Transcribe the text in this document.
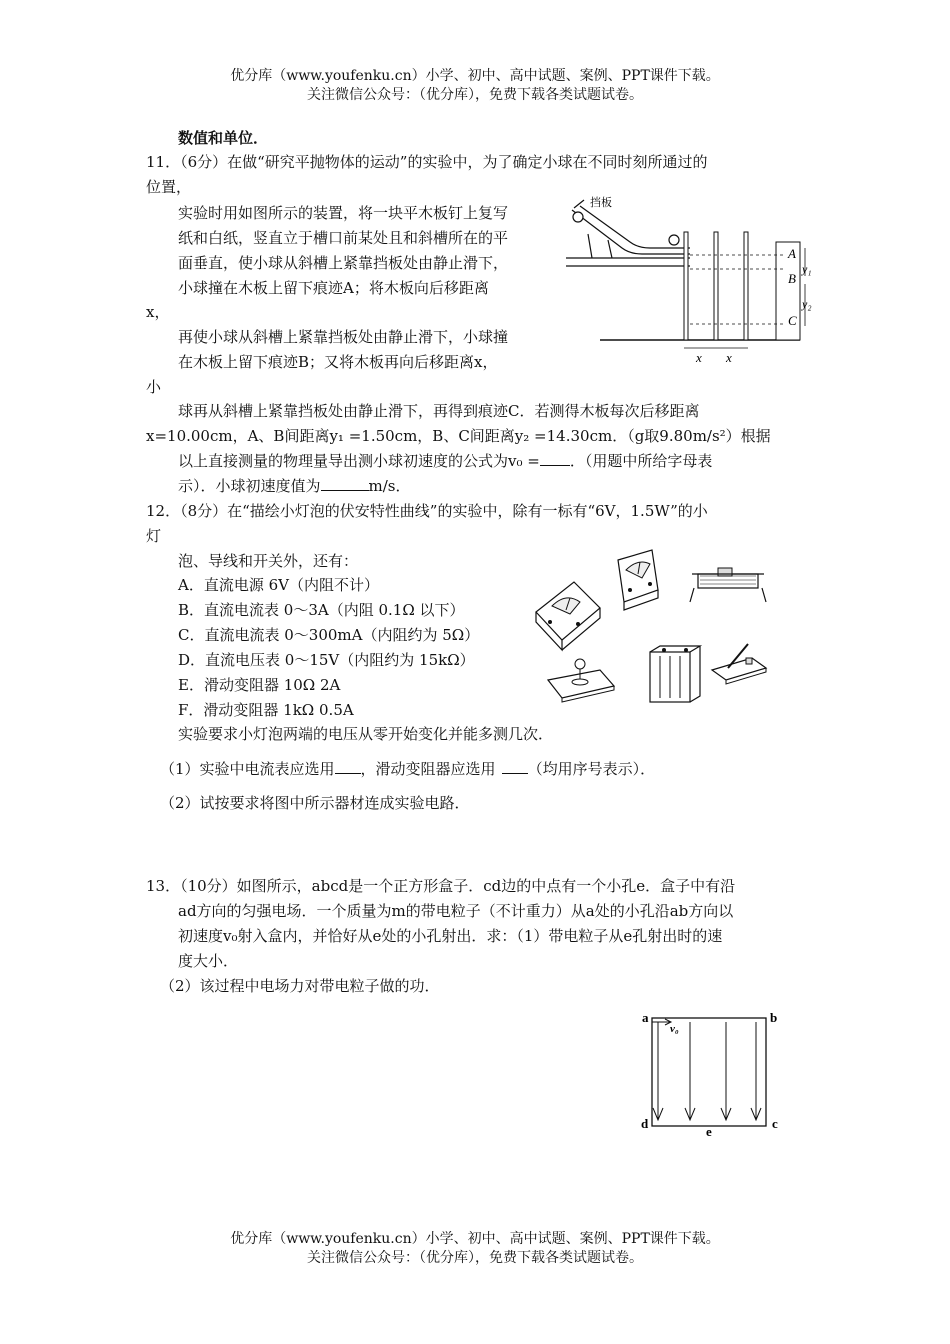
优分库（www.youfenku.cn）小学、初中、高中试题、案例、PPT课件下载。
关注微信公众号：（优分库），免费下载各类试题试卷。
数值和单位．
11．（6分）在做“研究平抛物体的运动”的实验中，为了确定小球在不同时刻所通过的
位置，
实验时用如图所示的装置，将一块平木板钉上复写
纸和白纸，竖直立于槽口前某处且和斜槽所在的平
面垂直，使小球从斜槽上紧靠挡板处由静止滑下，
小球撞在木板上留下痕迹A；将木板向后移距离
x，
再使小球从斜槽上紧靠挡板处由静止滑下，小球撞
在木板上留下痕迹B；又将木板再向后移距离x，
小
球再从斜槽上紧靠挡板处由静止滑下，再得到痕迹C．若测得木板每次后移距离
x=10.00cm，A、B间距离y₁ =1.50cm，B、C间距离y₂ =14.30cm．（g取9.80m/s²）根据
以上直接测量的物理量导出测小球初速度的公式为v₀ = ．（用题中所给字母表
示）．小球初速度值为	m/s．
挡板
A
B
C
y₁
y₂
x x
12．（8分）在“描绘小灯泡的伏安特性曲线”的实验中，除有一标有“6V，1.5W”的小
灯
泡、导线和开关外，还有：
A．直流电源 6V（内阻不计）
B．直流电流表 0～3A（内阻 0.1Ω 以下）
C．直流电流表 0～300mA（内阻约为 5Ω）
D．直流电压表 0～15V（内阻约为 15kΩ）
E．滑动变阻器 10Ω 2A
F．滑动变阻器 1kΩ 0.5A
实验要求小灯泡两端的电压从零开始变化并能多测几次．
（1）实验中电流表应选用 ，滑动变阻器应选用 （均用序号表示）．
（2）试按要求将图中所示器材连成实验电路．
13．（10分）如图所示，abcd是一个正方形盒子．cd边的中点有一个小孔e．盒子中有沿
ad方向的匀强电场．一个质量为m的带电粒子（不计重力）从a处的小孔沿ab方向以
初速度v₀射入盒内，并恰好从e处的小孔射出．求：（1）带电粒子从e孔射出时的速
度大小．
（2）该过程中电场力对带电粒子做的功．
v₀
a	b
c
d
e
优分库（www.youfenku.cn）小学、初中、高中试题、案例、PPT课件下载。
关注微信公众号：（优分库），免费下载各类试题试卷。
